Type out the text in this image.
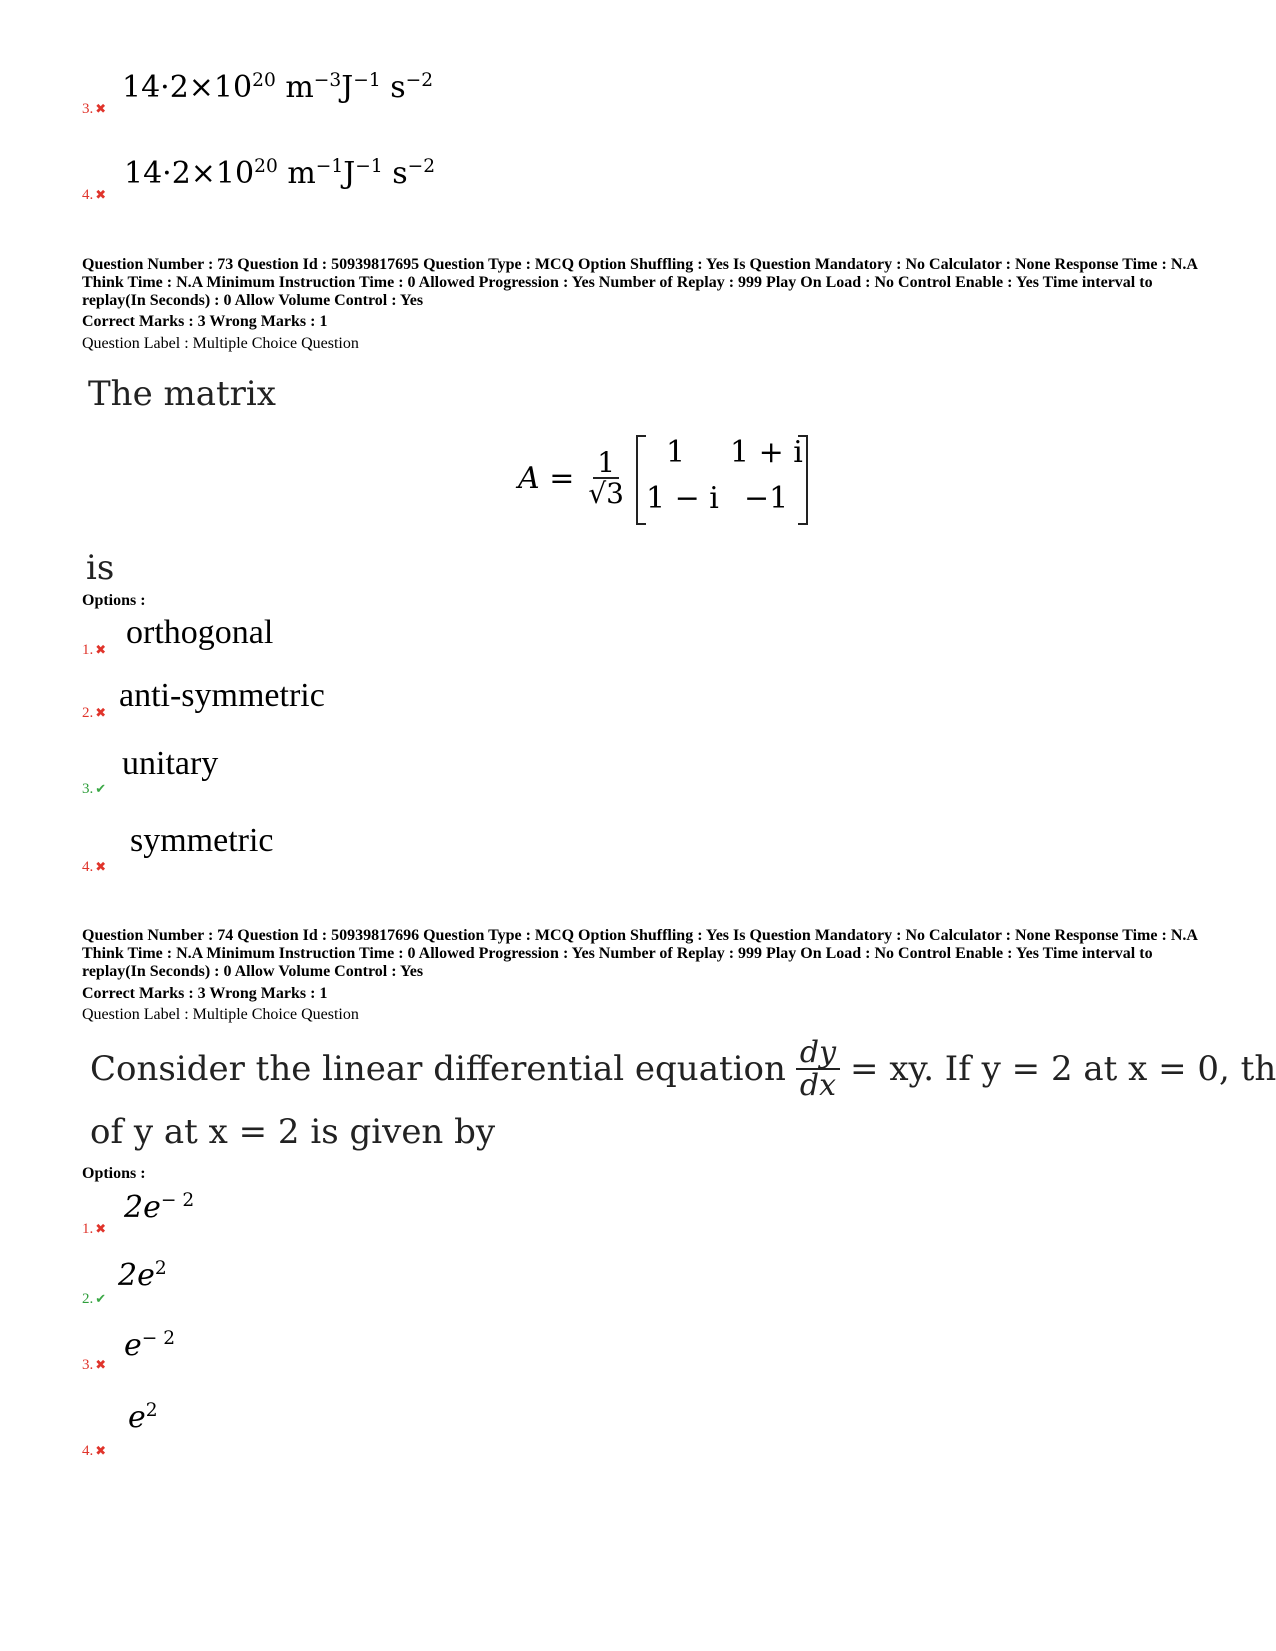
3. ✖
$14\cdot 2\times 10^{20}$ $m^{-3}J^{-1}$ $s^{-2}$
4. ✖
$14\cdot 2\times 10^{20}$ $m^{-1}J^{-1}$ $s^{-2}$
Question Number : 73 Question Id : 50939817695 Question Type : MCQ Option Shuffling : Yes Is Question Mandatory : No Calculator : None Response Time : N.A Think Time : N.A Minimum Instruction Time : 0 Allowed Progression : Yes Number of Replay : 999 Play On Load : No Control Enable : Yes Time interval to replay(In Seconds) : 0 Allow Volume Control : Yes
Correct Marks : 3 Wrong Marks : 1
Question Label : Multiple Choice Question
The matrix
$A = \frac{1}{√3} 1$ 1 + i
1 − i −1
is
Options :
1. ✖ orthogonal
2. ✖ anti-symmetric
3. ✔
unitary
4. ✖
symmetric
Question Number : 74 Question Id : 50939817696 Question Type : MCQ Option Shuffling : Yes Is Question Mandatory : No Calculator : None Response Time : N.A Think Time : N.A Minimum Instruction Time : 0 Allowed Progression : Yes Number of Replay : 999 Play On Load : No Control Enable : Yes Time interval to replay(In Seconds) : 0 Allow Volume Control : Yes
Correct Marks : 3 Wrong Marks : 1
Question Label : Multiple Choice Question
Consider the linear differential equation $\frac{dy}{dx}$ = xy. If y = 2 at x = 0, th
of y at x = 2 is given by
Options :
1. ✖
$2e^{- 2}$
2. ✔
$2e^2$
3. ✖
$e^{- 2}$
4. ✖
$e^2$
